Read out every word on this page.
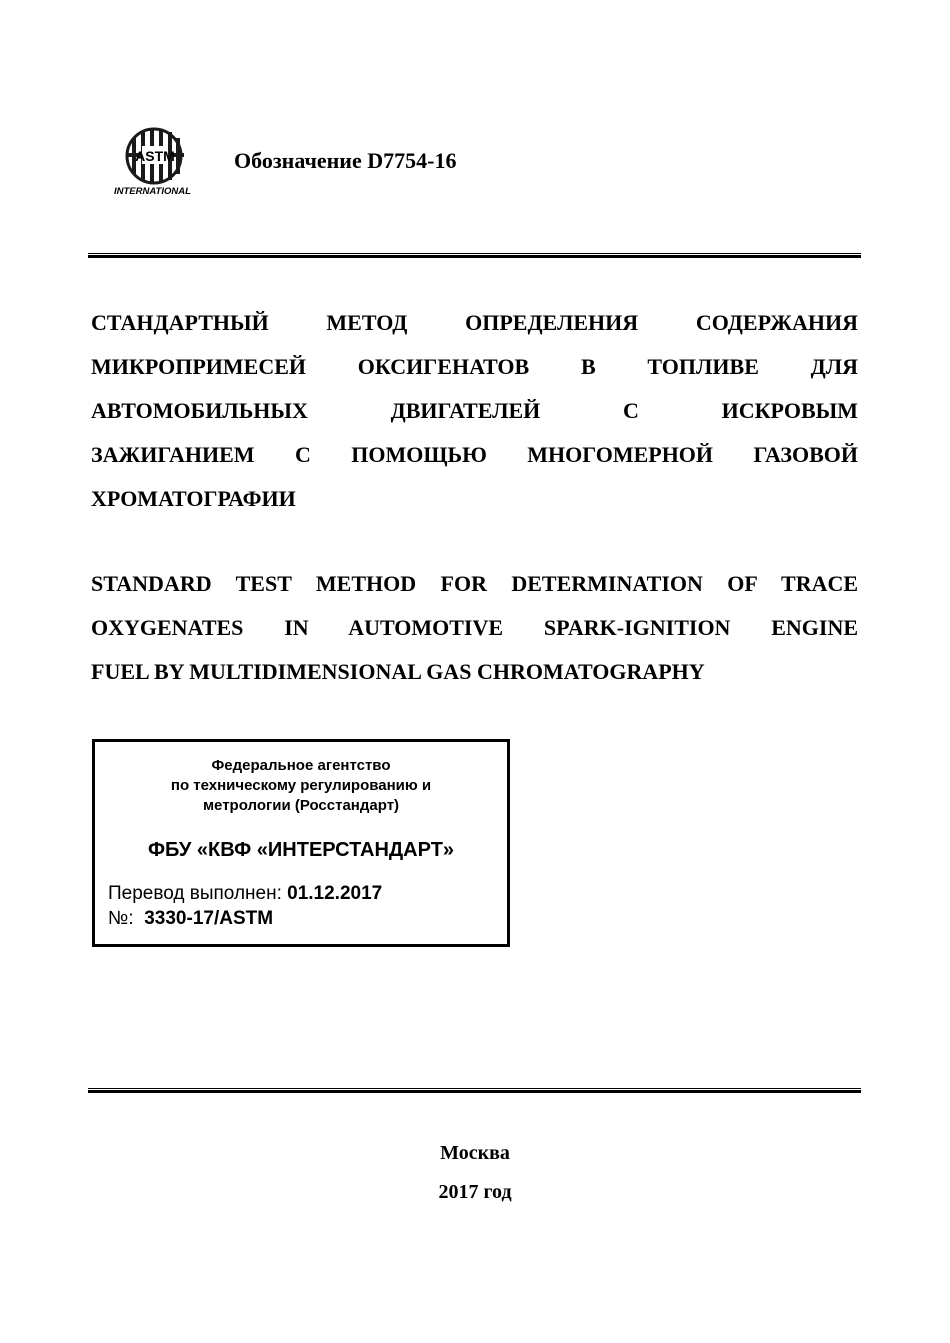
ASTM
INTERNATIONAL
Обозначение D7754-16
СТАНДАРТНЫЙ	МЕТОД	ОПРЕДЕЛЕНИЯ	СОДЕРЖАНИЯ
МИКРОПРИМЕСЕЙ ОКСИГЕНАТОВ В ТОПЛИВЕ ДЛЯ
АВТОМОБИЛЬНЫХ	ДВИГАТЕЛЕЙ	С	ИСКРОВЫМ
ЗАЖИГАНИЕМ С ПОМОЩЬЮ МНОГОМЕРНОЙ ГАЗОВОЙ
ХРОМАТОГРАФИИ
STANDARD TEST METHOD FOR DETERMINATION OF TRACE
OXYGENATES IN AUTOMOTIVE SPARK-IGNITION ENGINE
FUEL BY MULTIDIMENSIONAL GAS CHROMATOGRAPHY
Федеральное агентство
по техническому регулированию и
метрологии (Росстандарт)
ФБУ «КВФ «ИНТЕРСТАНДАРТ»
Перевод выполнен: 01.12.2017
№: 3330-17/ASTM
Москва
2017 год
